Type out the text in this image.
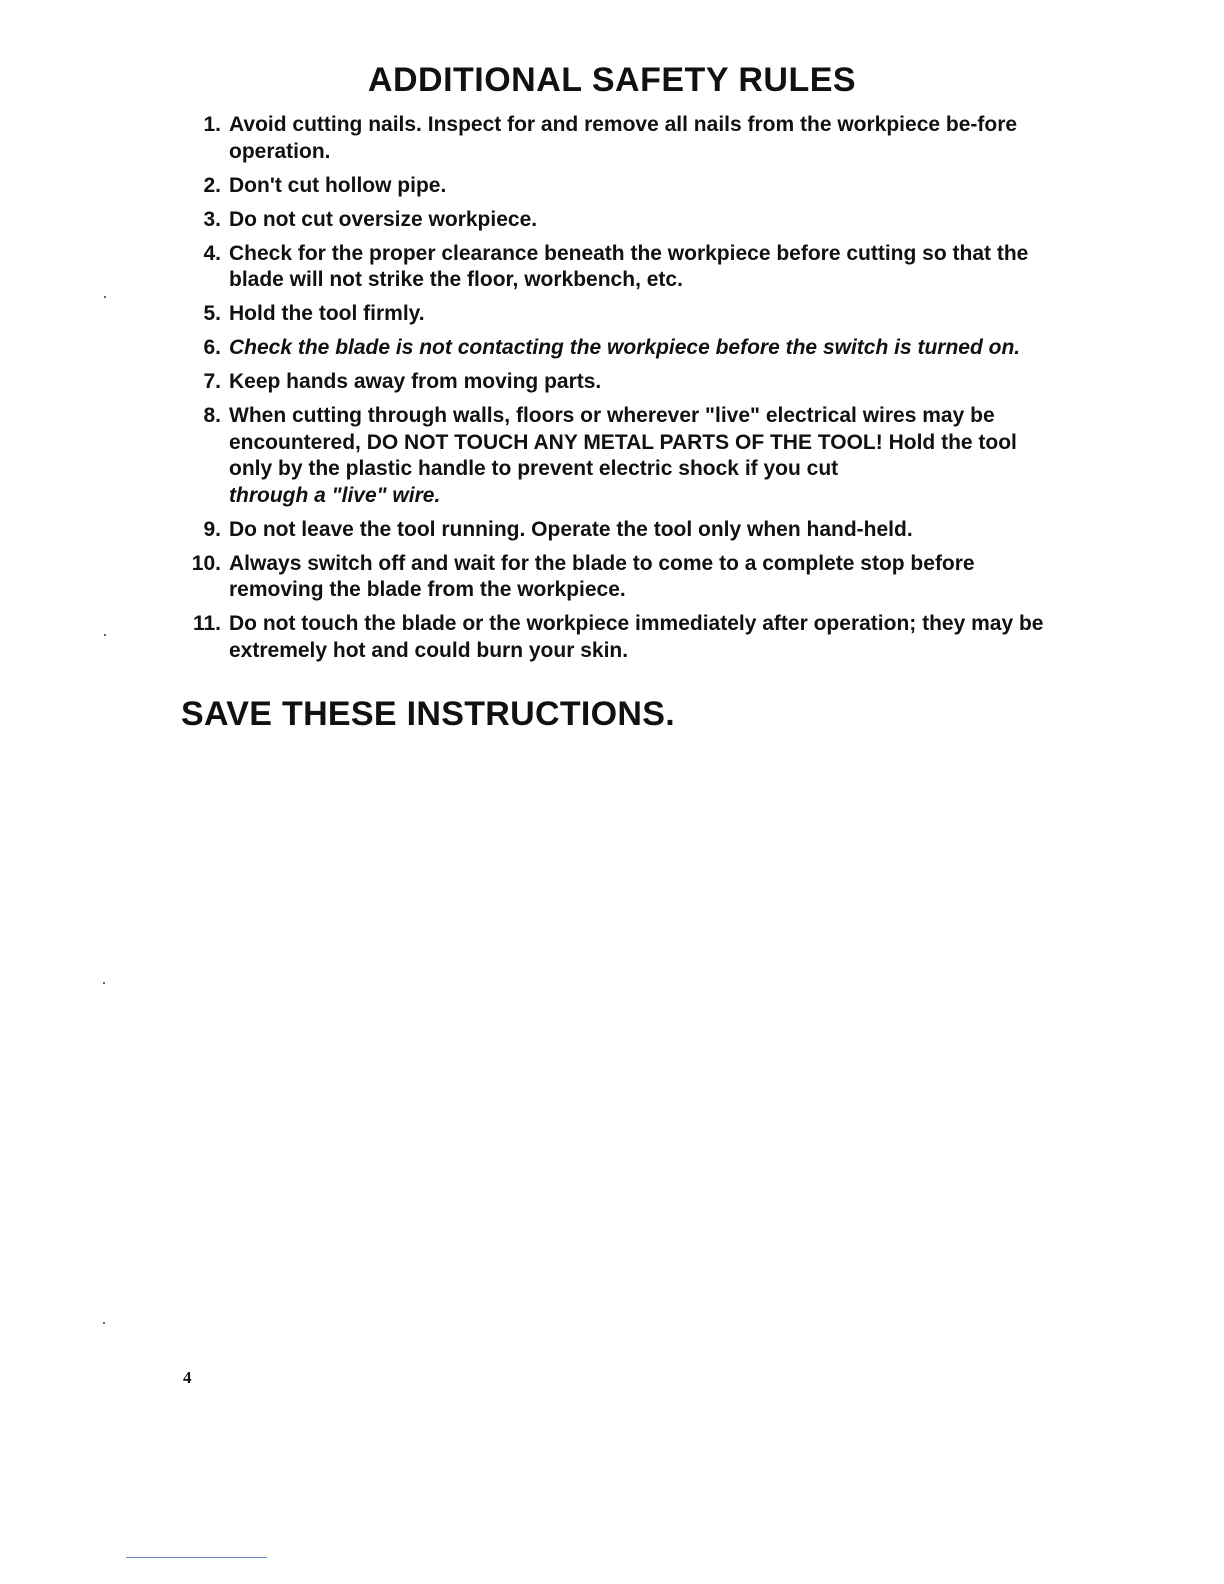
ADDITIONAL SAFETY RULES
1. Avoid cutting nails. Inspect for and remove all nails from the workpiece be-fore operation.
2. Don't cut hollow pipe.
3. Do not cut oversize workpiece.
4. Check for the proper clearance beneath the workpiece before cutting so that the blade will not strike the floor, workbench, etc.
5. Hold the tool firmly.
6. Check the blade is not contacting the workpiece before the switch is turned on.
7. Keep hands away from moving parts.
8. When cutting through walls, floors or wherever "live" electrical wires may be encountered, DO NOT TOUCH ANY METAL PARTS OF THE TOOL! Hold the tool only by the plastic handle to prevent electric shock if you cut
through a "live" wire.
9. Do not leave the tool running. Operate the tool only when hand-held.
10. Always switch off and wait for the blade to come to a complete stop before removing the blade from the workpiece.
11. Do not touch the blade or the workpiece immediately after operation; they may be extremely hot and could burn your skin.
SAVE THESE INSTRUCTIONS.
4
